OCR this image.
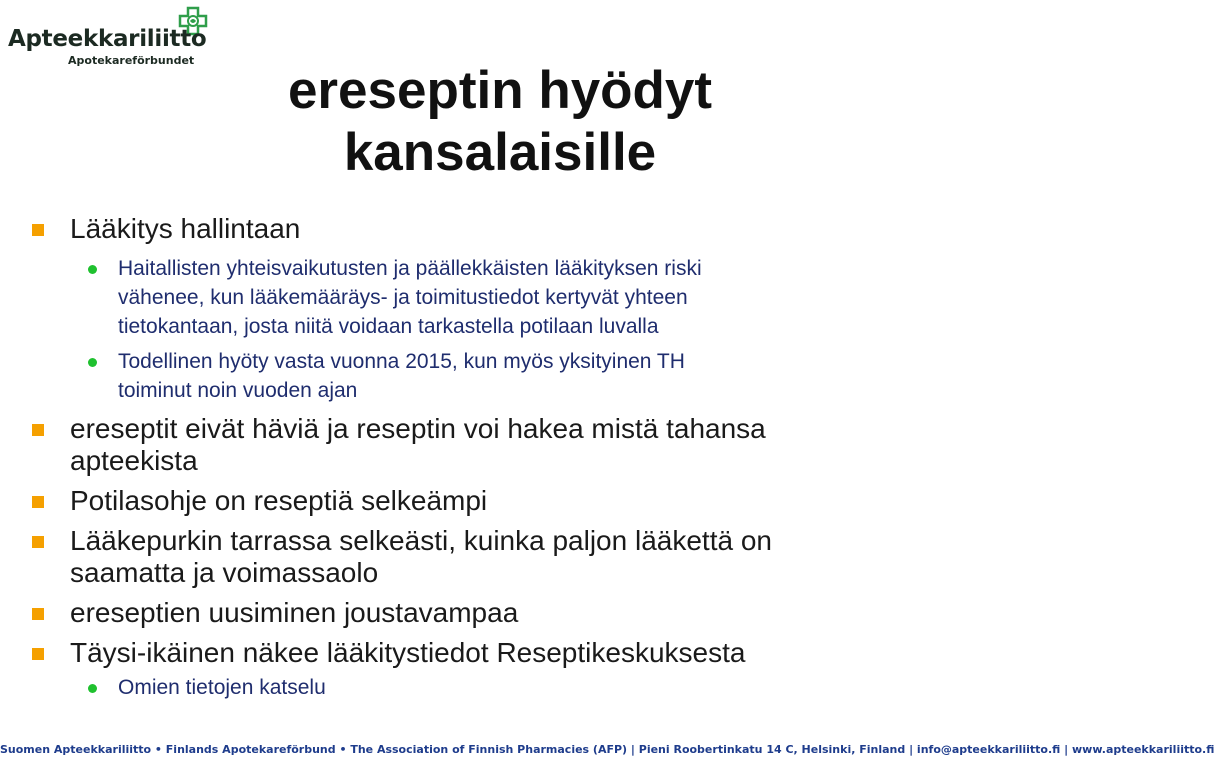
Apteekkariliitto
Apotekareförbundet
ereseptin hyödyt
kansalaisille
Lääkitys hallintaan
Haitallisten yhteisvaikutusten ja päällekkäisten lääkityksen riski
vähenee, kun lääkemääräys- ja toimitustiedot kertyvät yhteen
tietokantaan, josta niitä voidaan tarkastella potilaan luvalla
Todellinen hyöty vasta vuonna 2015, kun myös yksityinen TH
toiminut noin vuoden ajan
ereseptit eivät häviä ja reseptin voi hakea mistä tahansa
apteekista
Potilasohje on reseptiä selkeämpi
Lääkepurkin tarrassa selkeästi, kuinka paljon lääkettä on
saamatta ja voimassaolo
ereseptien uusiminen joustavampaa
Täysi-ikäinen näkee lääkitystiedot Reseptikeskuksesta
Omien tietojen katselu
Suomen Apteekkariliitto • Finlands Apotekareförbund • The Association of Finnish Pharmacies (AFP) | Pieni Roobertinkatu 14 C, Helsinki, Finland | info@apteekkariliitto.fi | www.apteekkariliitto.fi
